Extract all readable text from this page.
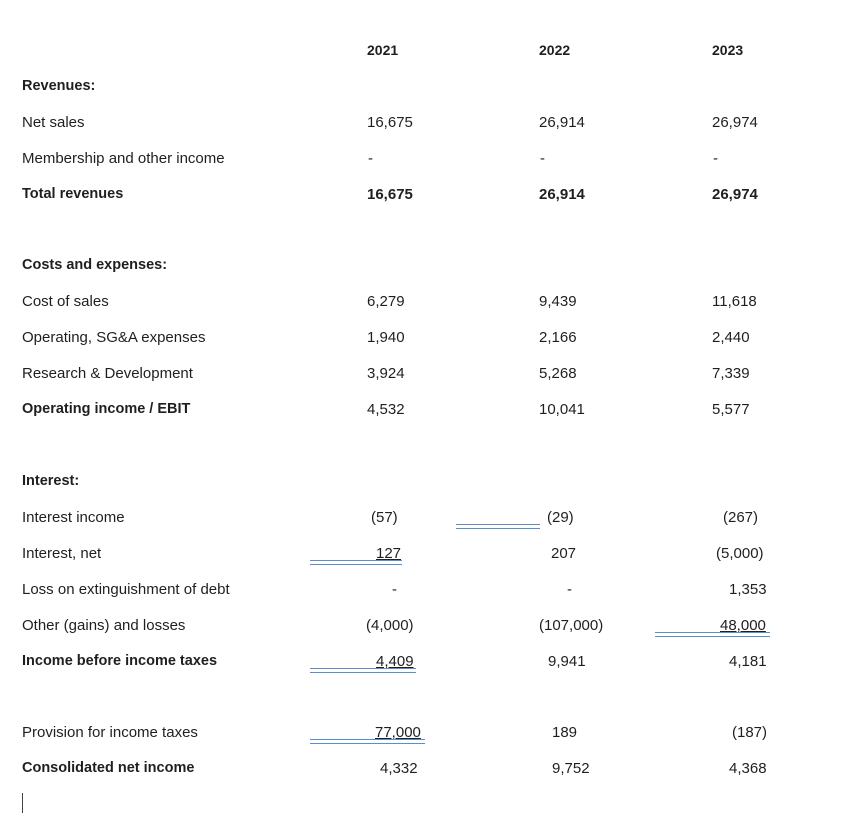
2021	2022	2023
Revenues:
Net sales	16,675	26,914	26,974
Membership and other income	-	-	-
Total revenues	16,675	26,914	26,974
Costs and expenses:
Cost of sales	6,279	9,439	11,618
Operating, SG&A expenses	1,940	2,166	2,440
Research & Development	3,924	5,268	7,339
Operating income / EBIT	4,532	10,041	5,577
Interest:
Interest income	(57)	(29)	(267)
Interest, net	127	207	(5,000)
Loss on extinguishment of debt	-	-	1,353
Other (gains) and losses	(4,000)	(107,000)	48,000
Income before income taxes	4,409	9,941	4,181
Provision for income taxes	77,000	189	(187)
Consolidated net income	4,332	9,752	4,368
